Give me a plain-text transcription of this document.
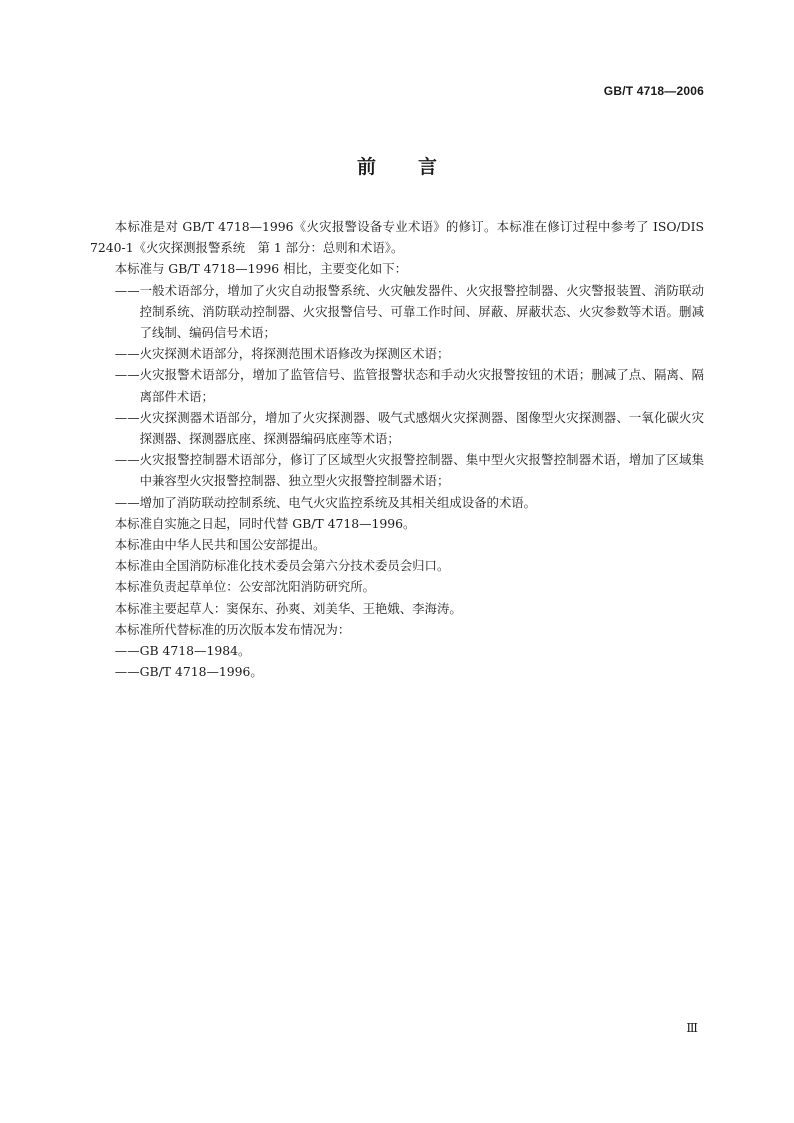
GB/T 4718—2006
前言

本标准是对 GB/T 4718—1996《火灾报警设备专业术语》的修订。本标准在修订过程中参考了 ISO/DIS 7240-1《火灾探测报警系统　第 1 部分：总则和术语》。

本标准与 GB/T 4718—1996 相比，主要变化如下：

—— 一般术语部分，增加了火灾自动报警系统、火灾触发器件、火灾报警控制器、火灾警报装置、消防联动控制系统、消防联动控制器、火灾报警信号、可靠工作时间、屏蔽、屏蔽状态、火灾参数等术语。删减了线制、编码信号术语；
—— 火灾探测术语部分，将探测范围术语修改为探测区术语；
—— 火灾报警术语部分，增加了监管信号、监管报警状态和手动火灾报警按钮的术语；删减了点、隔离、隔离部件术语；
—— 火灾探测器术语部分，增加了火灾探测器、吸气式感烟火灾探测器、图像型火灾探测器、一氧化碳火灾探测器、探测器底座、探测器编码底座等术语；
—— 火灾报警控制器术语部分，修订了区域型火灾报警控制器、集中型火灾报警控制器术语，增加了区域集中兼容型火灾报警控制器、独立型火灾报警控制器术语；
—— 增加了消防联动控制系统、电气火灾监控系统及其相关组成设备的术语。

本标准自实施之日起，同时代替 GB/T 4718—1996。

本标准由中华人民共和国公安部提出。

本标准由全国消防标准化技术委员会第六分技术委员会归口。

本标准负责起草单位：公安部沈阳消防研究所。

本标准主要起草人：窦保东、孙爽、刘美华、王艳娥、李海涛。

本标准所代替标准的历次版本发布情况为：

—— GB 4718—1984。
—— GB/T 4718—1996。
Ⅲ
